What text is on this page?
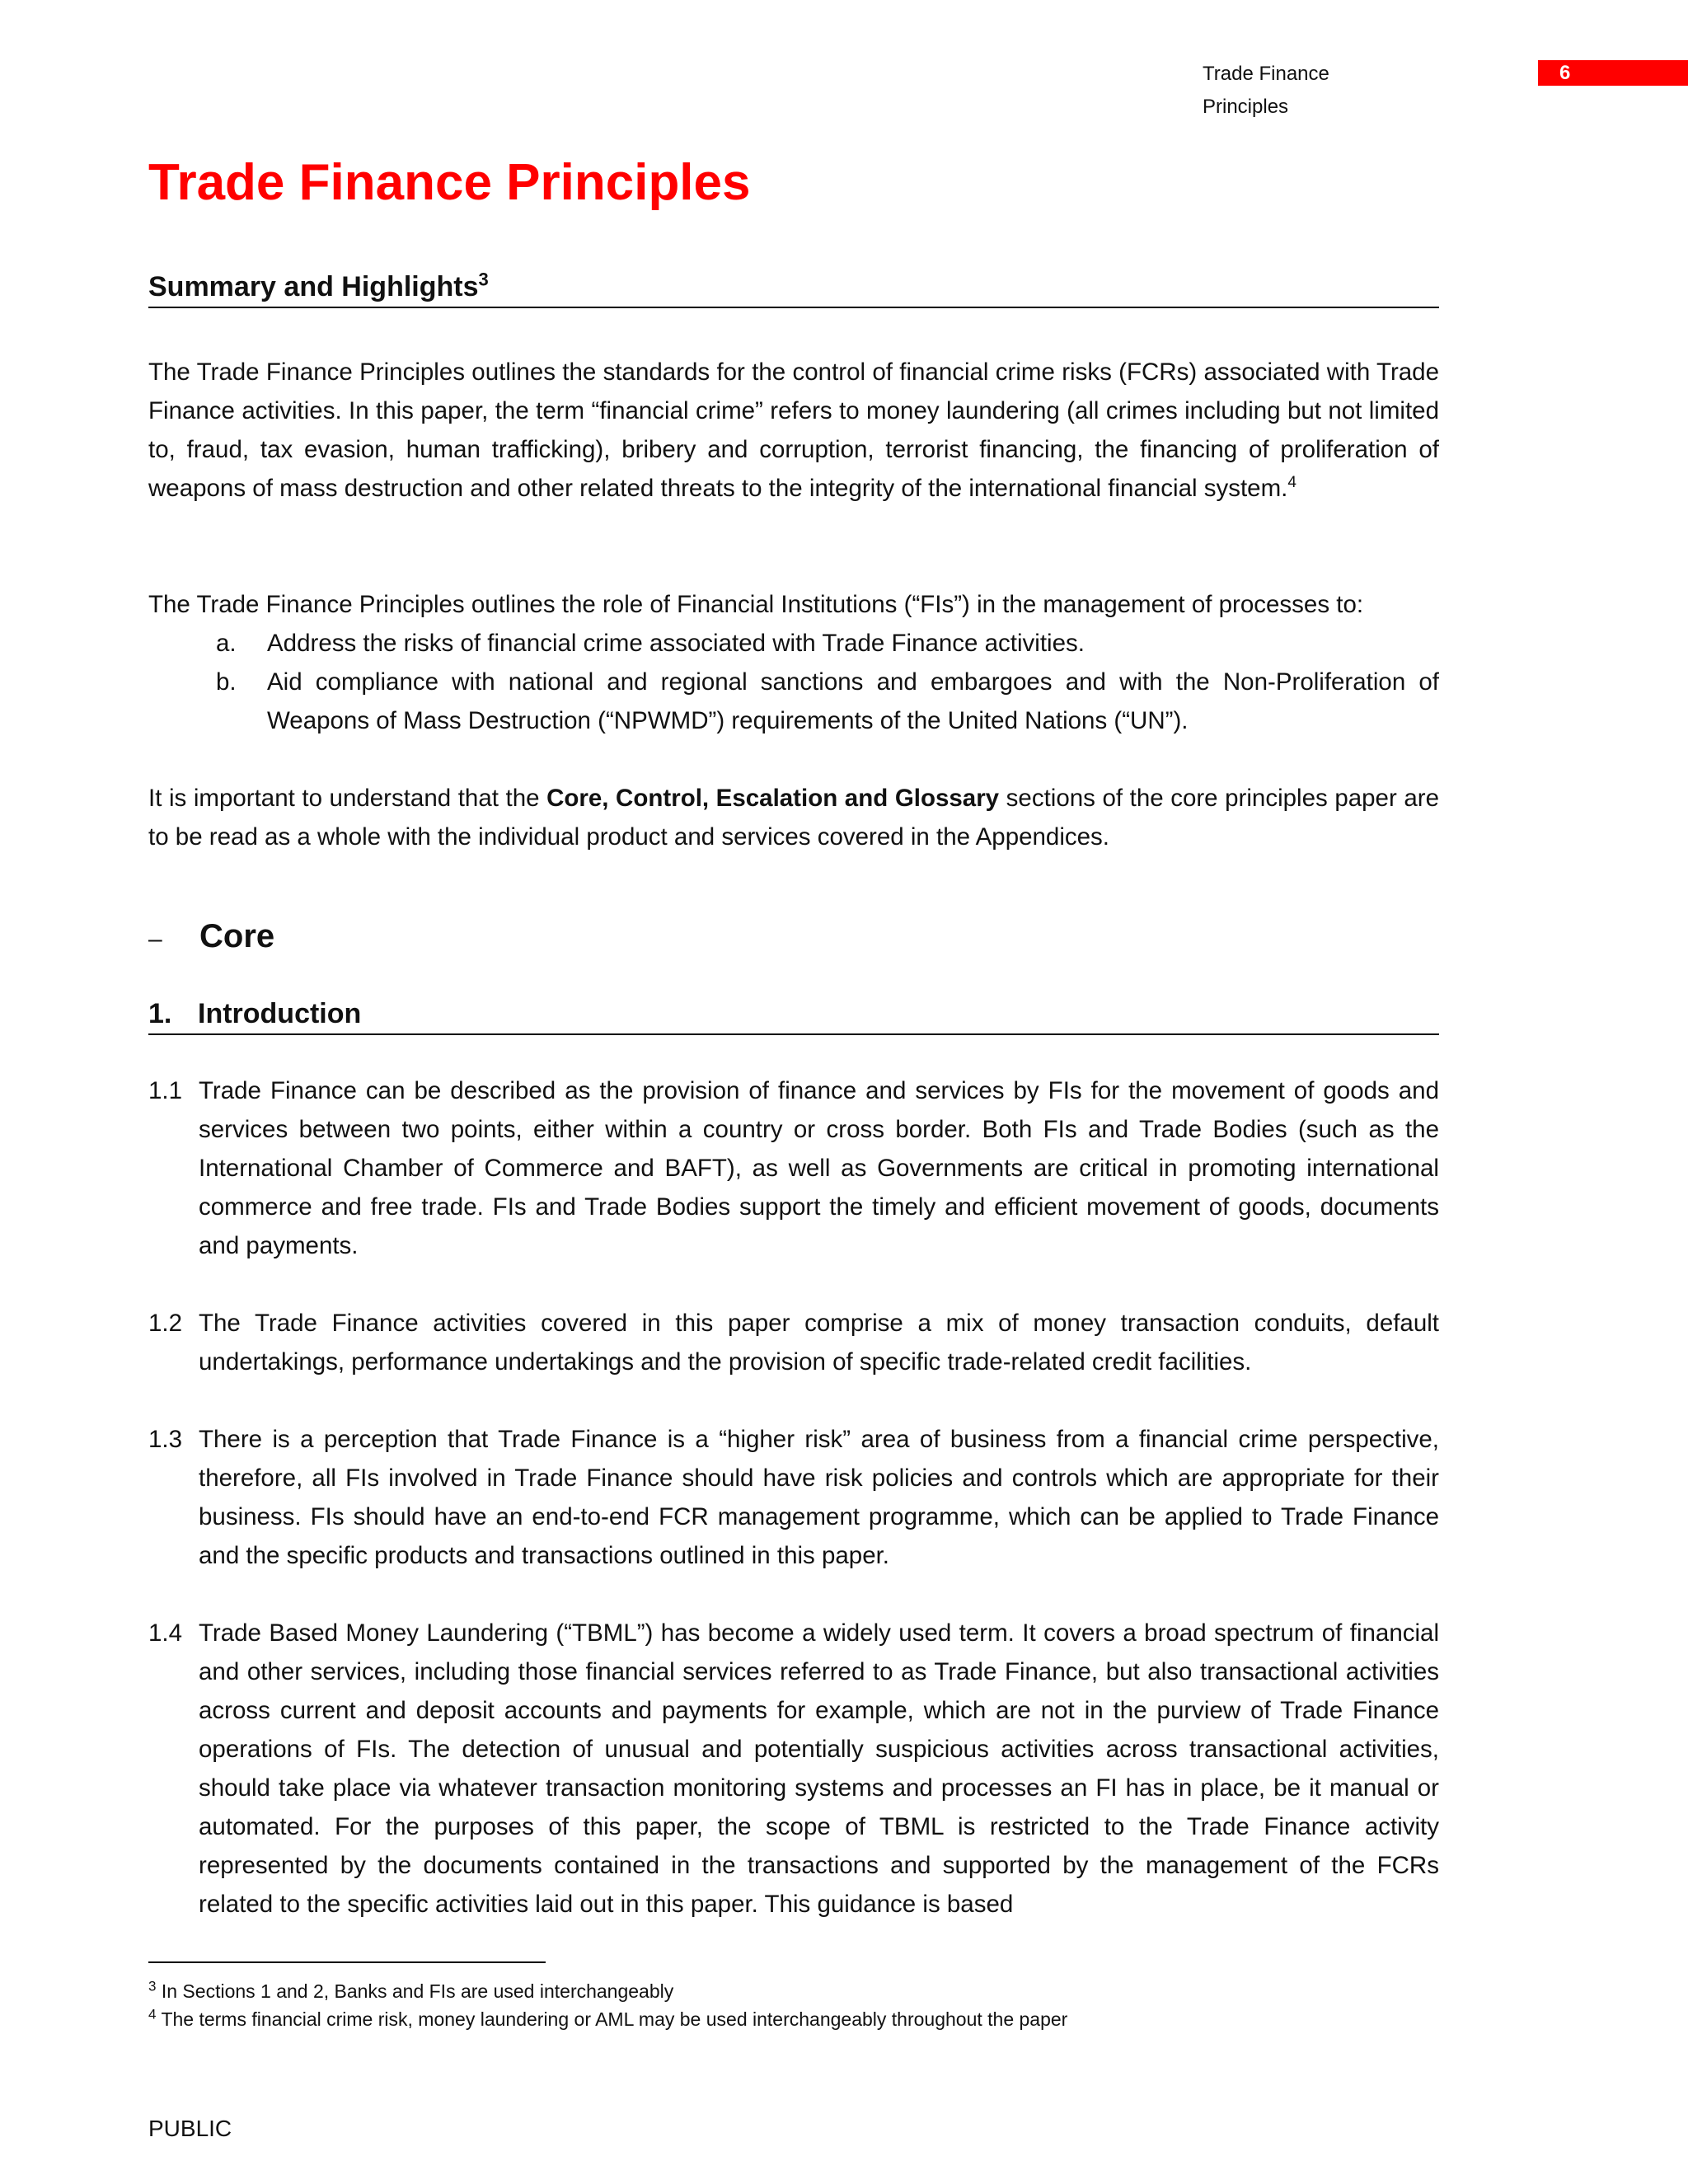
Trade Finance Principles
6
Trade Finance Principles
Summary and Highlights$^3$

The Trade Finance Principles outlines the standards for the control of financial crime risks (FCRs) associated with Trade Finance activities. In this paper, the term “financial crime” refers to money laundering (all crimes including but not limited to, fraud, tax evasion, human trafficking), bribery and corruption, terrorist financing, the financing of proliferation of weapons of mass destruction and other related threats to the integrity of the international financial system.$^4$

The Trade Finance Principles outlines the role of Financial Institutions (“FIs”) in the management of processes to:

a. Address the risks of financial crime associated with Trade Finance activities.
b. Aid compliance with national and regional sanctions and embargoes and with the Non-Proliferation of Weapons of Mass Destruction (“NPWMD”) requirements of the United Nations (“UN”).

It is important to understand that the Core, Control, Escalation and Glossary sections of the core principles paper are to be read as a whole with the individual product and services covered in the Appendices.

– Core
1. Introduction
1.1 Trade Finance can be described as the provision of finance and services by FIs for the movement of goods and services between two points, either within a country or cross border. Both FIs and Trade Bodies (such as the International Chamber of Commerce and BAFT), as well as Governments are critical in promoting international commerce and free trade. FIs and Trade Bodies support the timely and efficient movement of goods, documents and payments.
1.2 The Trade Finance activities covered in this paper comprise a mix of money transaction conduits, default undertakings, performance undertakings and the provision of specific trade-related credit facilities.
1.3 There is a perception that Trade Finance is a “higher risk” area of business from a financial crime perspective, therefore, all FIs involved in Trade Finance should have risk policies and controls which are appropriate for their business. FIs should have an end-to-end FCR management programme, which can be applied to Trade Finance and the specific products and transactions outlined in this paper.
1.4 Trade Based Money Laundering (“TBML”) has become a widely used term. It covers a broad spectrum of financial and other services, including those financial services referred to as Trade Finance, but also transactional activities across current and deposit accounts and payments for example, which are not in the purview of Trade Finance operations of FIs. The detection of unusual and potentially suspicious activities across transactional activities, should take place via whatever transaction monitoring systems and processes an FI has in place, be it manual or automated. For the purposes of this paper, the scope of TBML is restricted to the Trade Finance activity represented by the documents contained in the transactions and supported by the management of the FCRs related to the specific activities laid out in this paper. This guidance is based
$^3$ In Sections 1 and 2, Banks and FIs are used interchangeably
$^4$ The terms financial crime risk, money laundering or AML may be used interchangeably throughout the paper
PUBLIC
